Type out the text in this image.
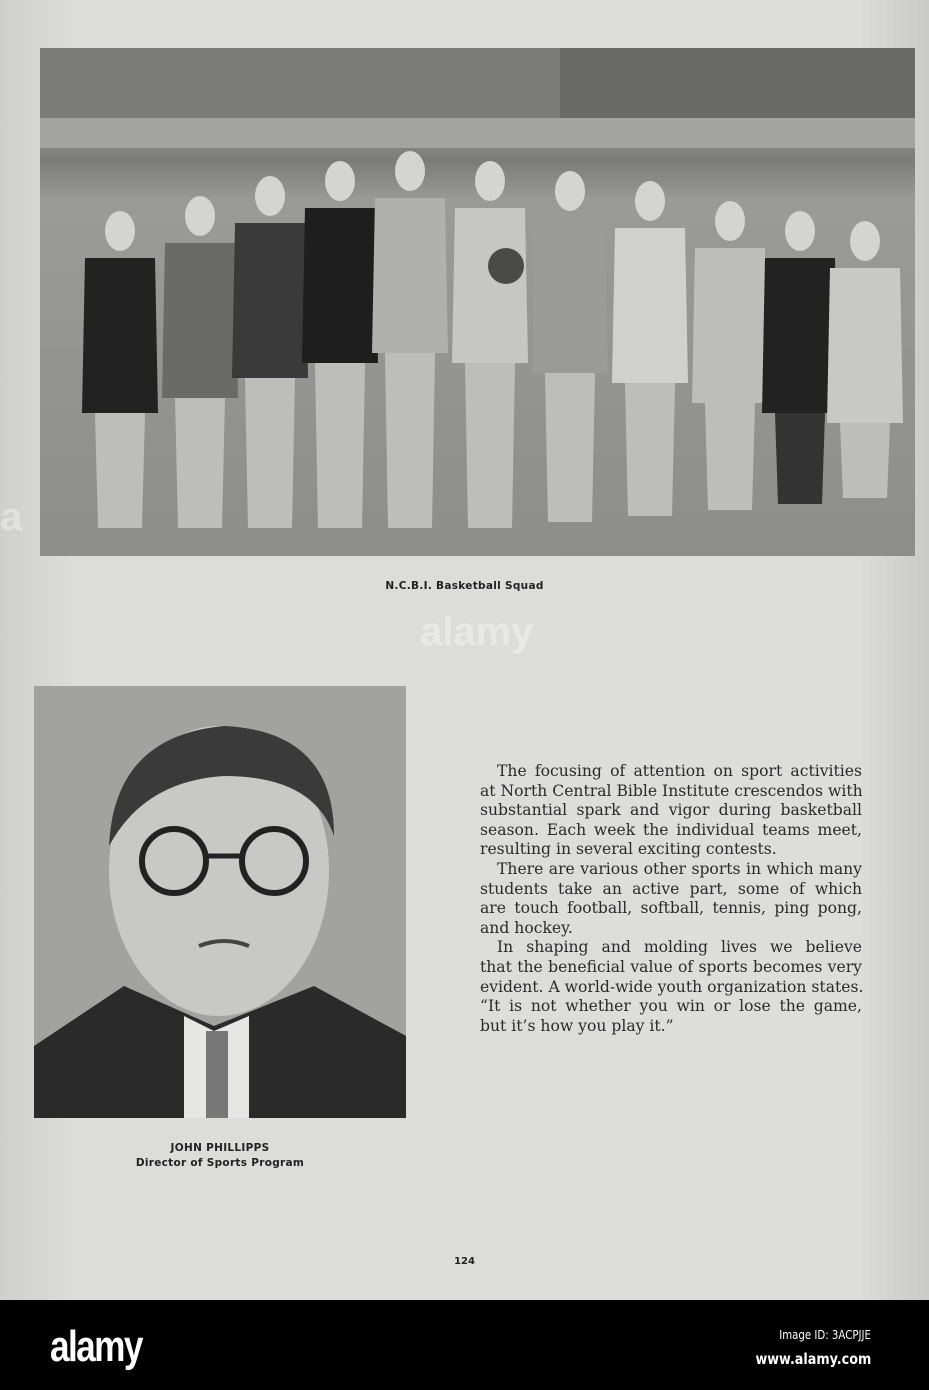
N.C.B.I. Basketball Squad
JOHN PHILLIPPS
Director of Sports Program
The focusing of attention on sport activities
at North Central Bible Institute crescendos with
substantial spark and vigor during basketball
season. Each week the individual teams meet,
resulting in several exciting contests.
There are various other sports in which many
students take an active part, some of which
are touch football, softball, tennis, ping pong,
and hockey.
In shaping and molding lives we believe
that the beneficial value of sports becomes very
evident. A world-wide youth organization states.
“It is not whether you win or lose the game,
but it’s how you play it.”
124
a
alamy
alamy	Image ID: 3ACPJJE
www.alamy.com
